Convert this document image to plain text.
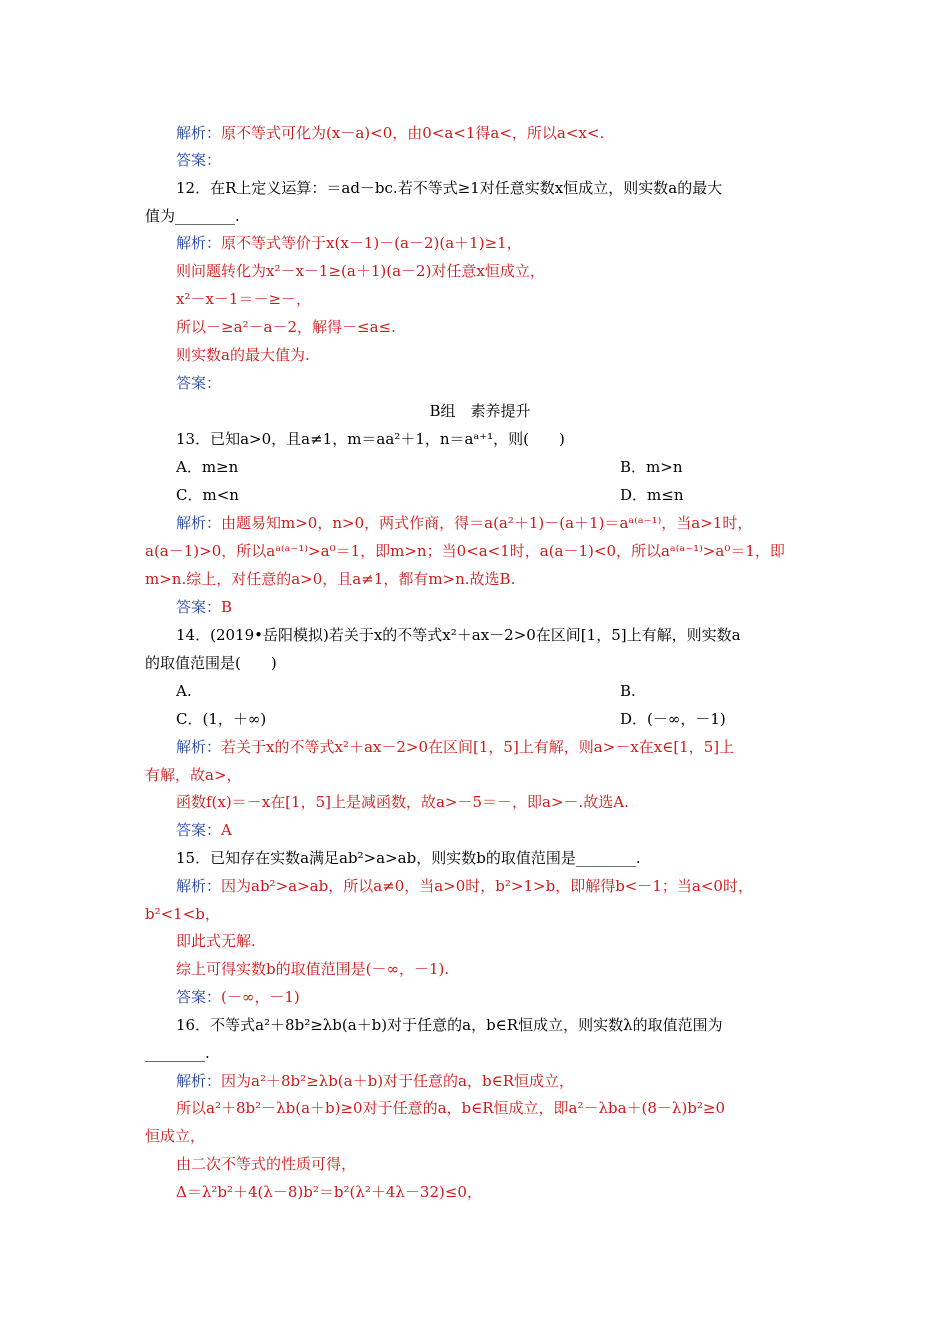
解析：原不等式可化为(x－a)<0，由0<a<1得a<，所以a<x<.
答案：
12．在R上定义运算：＝ad－bc.若不等式≥1对任意实数x恒成立，则实数a的最大
值为________.
解析：原不等式等价于x(x－1)－(a－2)(a＋1)≥1，
则问题转化为x²－x－1≥(a＋1)(a－2)对任意x恒成立，
x²－x－1＝－≥－，
所以－≥a²－a－2，解得－≤a≤.
则实数a的最大值为.
答案：
B组　素养提升
13．已知a>0，且a≠1，m＝aa²＋1，n＝aᵃ⁺¹，则(　　)
A．m≥n	B．m>n
C．m<n	D．m≤n
解析：由题易知m>0，n>0，两式作商，得＝a(a²＋1)－(a＋1)＝aᵃ⁽ᵃ⁻¹⁾，当a>1时，
a(a－1)>0，所以aᵃ⁽ᵃ⁻¹⁾>a⁰＝1，即m>n；当0<a<1时，a(a－1)<0，所以aᵃ⁽ᵃ⁻¹⁾>a⁰＝1，即
m>n.综上，对任意的a>0，且a≠1，都有m>n.故选B.
答案：B
14．(2019•岳阳模拟)若关于x的不等式x²＋ax－2>0在区间[1，5]上有解，则实数a
的取值范围是(　　)
A.	B.
C．(1，＋∞)	D．(－∞，－1)
解析：若关于x的不等式x²＋ax－2>0在区间[1，5]上有解，则a>－x在x∈[1，5]上
有解，故a>，
函数f(x)＝－x在[1，5]上是减函数，故a>－5＝－，即a>－.故选A.
答案：A
15．已知存在实数a满足ab²>a>ab，则实数b的取值范围是________.
解析：因为ab²>a>ab，所以a≠0，当a>0时，b²>1>b，即解得b<－1；当a<0时，
b²<1<b，
即此式无解.
综上可得实数b的取值范围是(－∞，－1).
答案：(－∞，－1)
16．不等式a²＋8b²≥λb(a＋b)对于任意的a，b∈R恒成立，则实数λ的取值范围为
________.
解析：因为a²＋8b²≥λb(a＋b)对于任意的a，b∈R恒成立，
所以a²＋8b²－λb(a＋b)≥0对于任意的a，b∈R恒成立，即a²－λba＋(8－λ)b²≥0
恒成立，
由二次不等式的性质可得，
Δ＝λ²b²＋4(λ－8)b²＝b²(λ²＋4λ－32)≤0，
